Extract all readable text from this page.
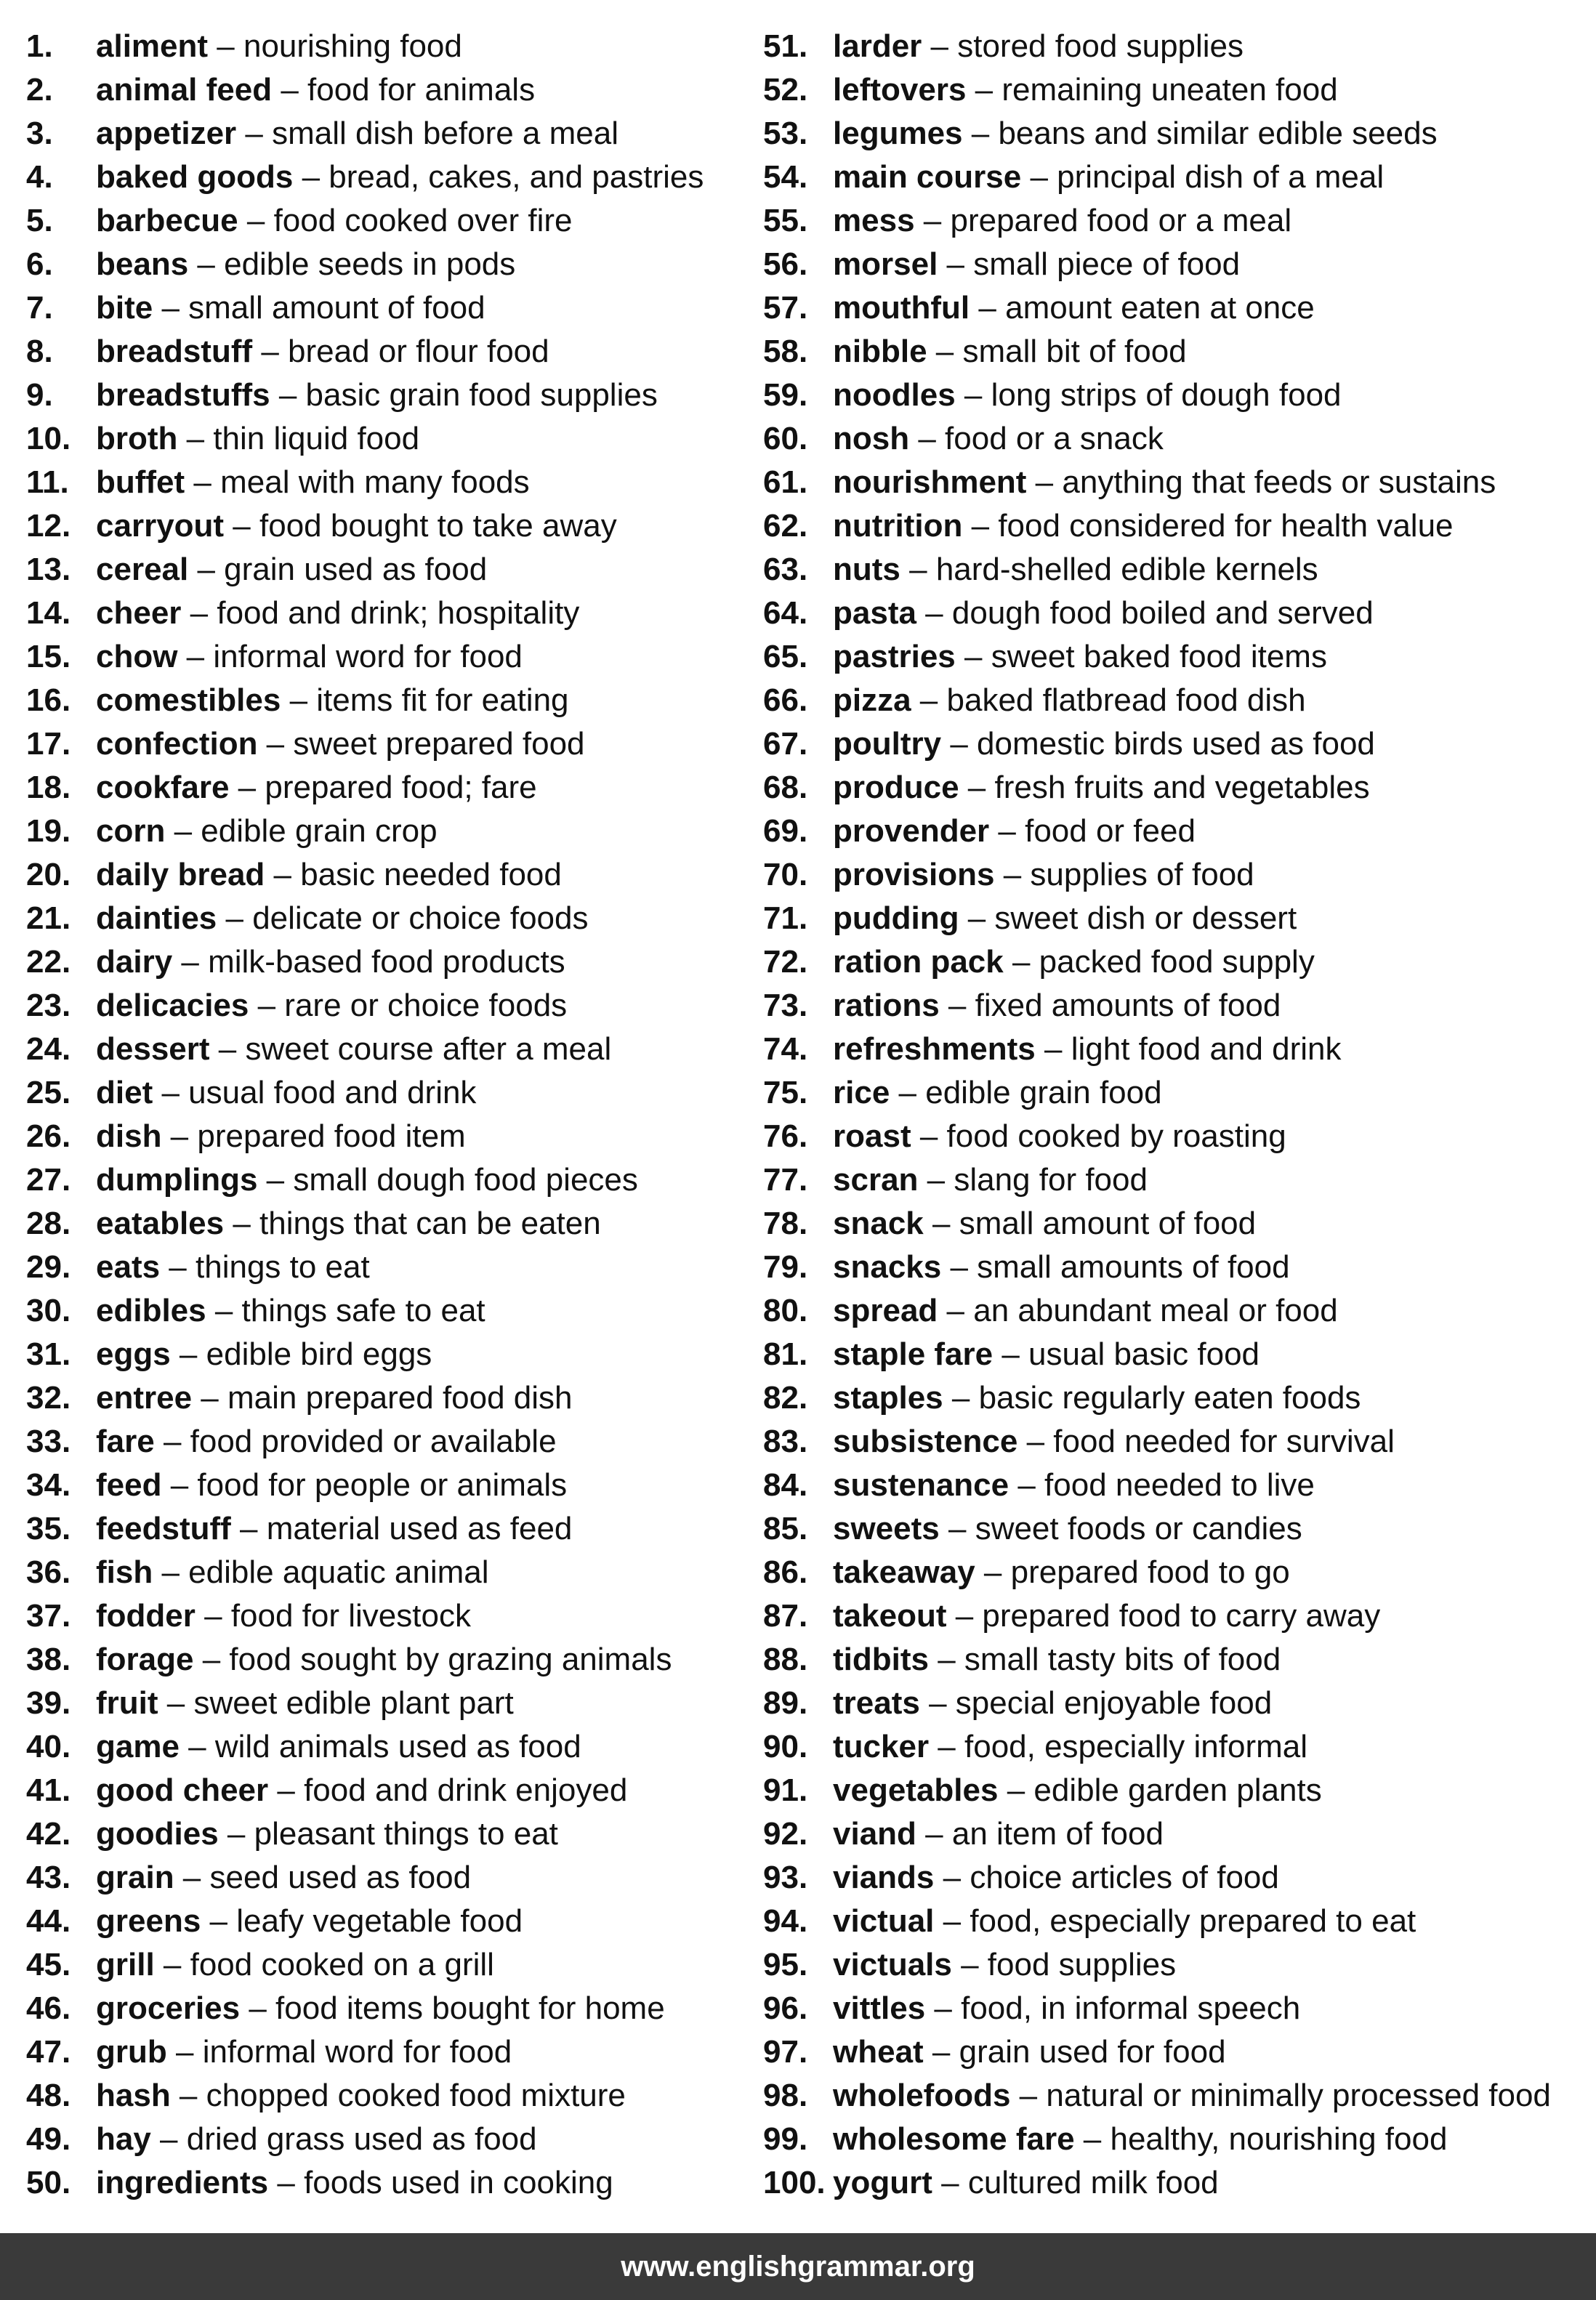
1. aliment – nourishing food
2. animal feed – food for animals
3. appetizer – small dish before a meal
4. baked goods – bread, cakes, and pastries
5. barbecue – food cooked over fire
6. beans – edible seeds in pods
7. bite – small amount of food
8. breadstuff – bread or flour food
9. breadstuffs – basic grain food supplies
10. broth – thin liquid food
11. buffet – meal with many foods
12. carryout – food bought to take away
13. cereal – grain used as food
14. cheer – food and drink; hospitality
15. chow – informal word for food
16. comestibles – items fit for eating
17. confection – sweet prepared food
18. cookfare – prepared food; fare
19. corn – edible grain crop
20. daily bread – basic needed food
21. dainties – delicate or choice foods
22. dairy – milk-based food products
23. delicacies – rare or choice foods
24. dessert – sweet course after a meal
25. diet – usual food and drink
26. dish – prepared food item
27. dumplings – small dough food pieces
28. eatables – things that can be eaten
29. eats – things to eat
30. edibles – things safe to eat
31. eggs – edible bird eggs
32. entree – main prepared food dish
33. fare – food provided or available
34. feed – food for people or animals
35. feedstuff – material used as feed
36. fish – edible aquatic animal
37. fodder – food for livestock
38. forage – food sought by grazing animals
39. fruit – sweet edible plant part
40. game – wild animals used as food
41. good cheer – food and drink enjoyed
42. goodies – pleasant things to eat
43. grain – seed used as food
44. greens – leafy vegetable food
45. grill – food cooked on a grill
46. groceries – food items bought for home
47. grub – informal word for food
48. hash – chopped cooked food mixture
49. hay – dried grass used as food
50. ingredients – foods used in cooking
51. larder – stored food supplies
52. leftovers – remaining uneaten food
53. legumes – beans and similar edible seeds
54. main course – principal dish of a meal
55. mess – prepared food or a meal
56. morsel – small piece of food
57. mouthful – amount eaten at once
58. nibble – small bit of food
59. noodles – long strips of dough food
60. nosh – food or a snack
61. nourishment – anything that feeds or sustains
62. nutrition – food considered for health value
63. nuts – hard-shelled edible kernels
64. pasta – dough food boiled and served
65. pastries – sweet baked food items
66. pizza – baked flatbread food dish
67. poultry – domestic birds used as food
68. produce – fresh fruits and vegetables
69. provender – food or feed
70. provisions – supplies of food
71. pudding – sweet dish or dessert
72. ration pack – packed food supply
73. rations – fixed amounts of food
74. refreshments – light food and drink
75. rice – edible grain food
76. roast – food cooked by roasting
77. scran – slang for food
78. snack – small amount of food
79. snacks – small amounts of food
80. spread – an abundant meal or food
81. staple fare – usual basic food
82. staples – basic regularly eaten foods
83. subsistence – food needed for survival
84. sustenance – food needed to live
85. sweets – sweet foods or candies
86. takeaway – prepared food to go
87. takeout – prepared food to carry away
88. tidbits – small tasty bits of food
89. treats – special enjoyable food
90. tucker – food, especially informal
91. vegetables – edible garden plants
92. viand – an item of food
93. viands – choice articles of food
94. victual – food, especially prepared to eat
95. victuals – food supplies
96. vittles – food, in informal speech
97. wheat – grain used for food
98. wholefoods – natural or minimally processed food
99. wholesome fare – healthy, nourishing food
100. yogurt – cultured milk food
www.englishgrammar.org
